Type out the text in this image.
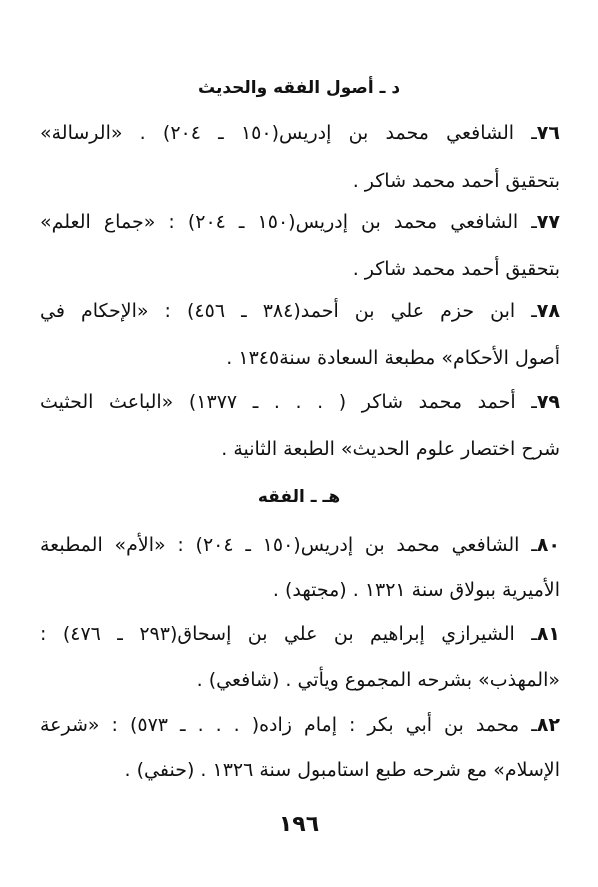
د ـ أصول الفقه والحديث
٧٦ـ الشافعي محمد بن إدريس(١٥٠ ـ ٢٠٤) . «الرسالة»
بتحقيق أحمد محمد شاكر .
٧٧ـ الشافعي محمد بن إدريس(١٥٠ ـ ٢٠٤) : «جماع العلم»
بتحقيق أحمد محمد شاكر .
٧٨ـ ابن حزم علي بن أحمد(٣٨٤ ـ ٤٥٦) : «الإحكام في
أصول الأحكام» مطبعة السعادة سنة١٣٤٥ .
٧٩ـ أحمد محمد شاكر ( . . . ـ ١٣٧٧) «الباعث الحثيث
شرح اختصار علوم الحديث» الطبعة الثانية .
هـ ـ الفقه
٨٠ـ الشافعي محمد بن إدريس(١٥٠ ـ ٢٠٤) : «الأم» المطبعة
الأميرية ببولاق سنة ١٣٢١ . (مجتهد) .
٨١ـ الشيرازي إبراهيم بن علي بن إسحاق(٢٩٣ ـ ٤٧٦) :
«المهذب» بشرحه المجموع ويأتي . (شافعي) .
٨٢ـ محمد بن أبي بكر : إمام زاده( . . . ـ ٥٧٣) : «شرعة
الإسلام» مع شرحه طبع استامبول سنة ١٣٢٦ . (حنفي) .
١٩٦
